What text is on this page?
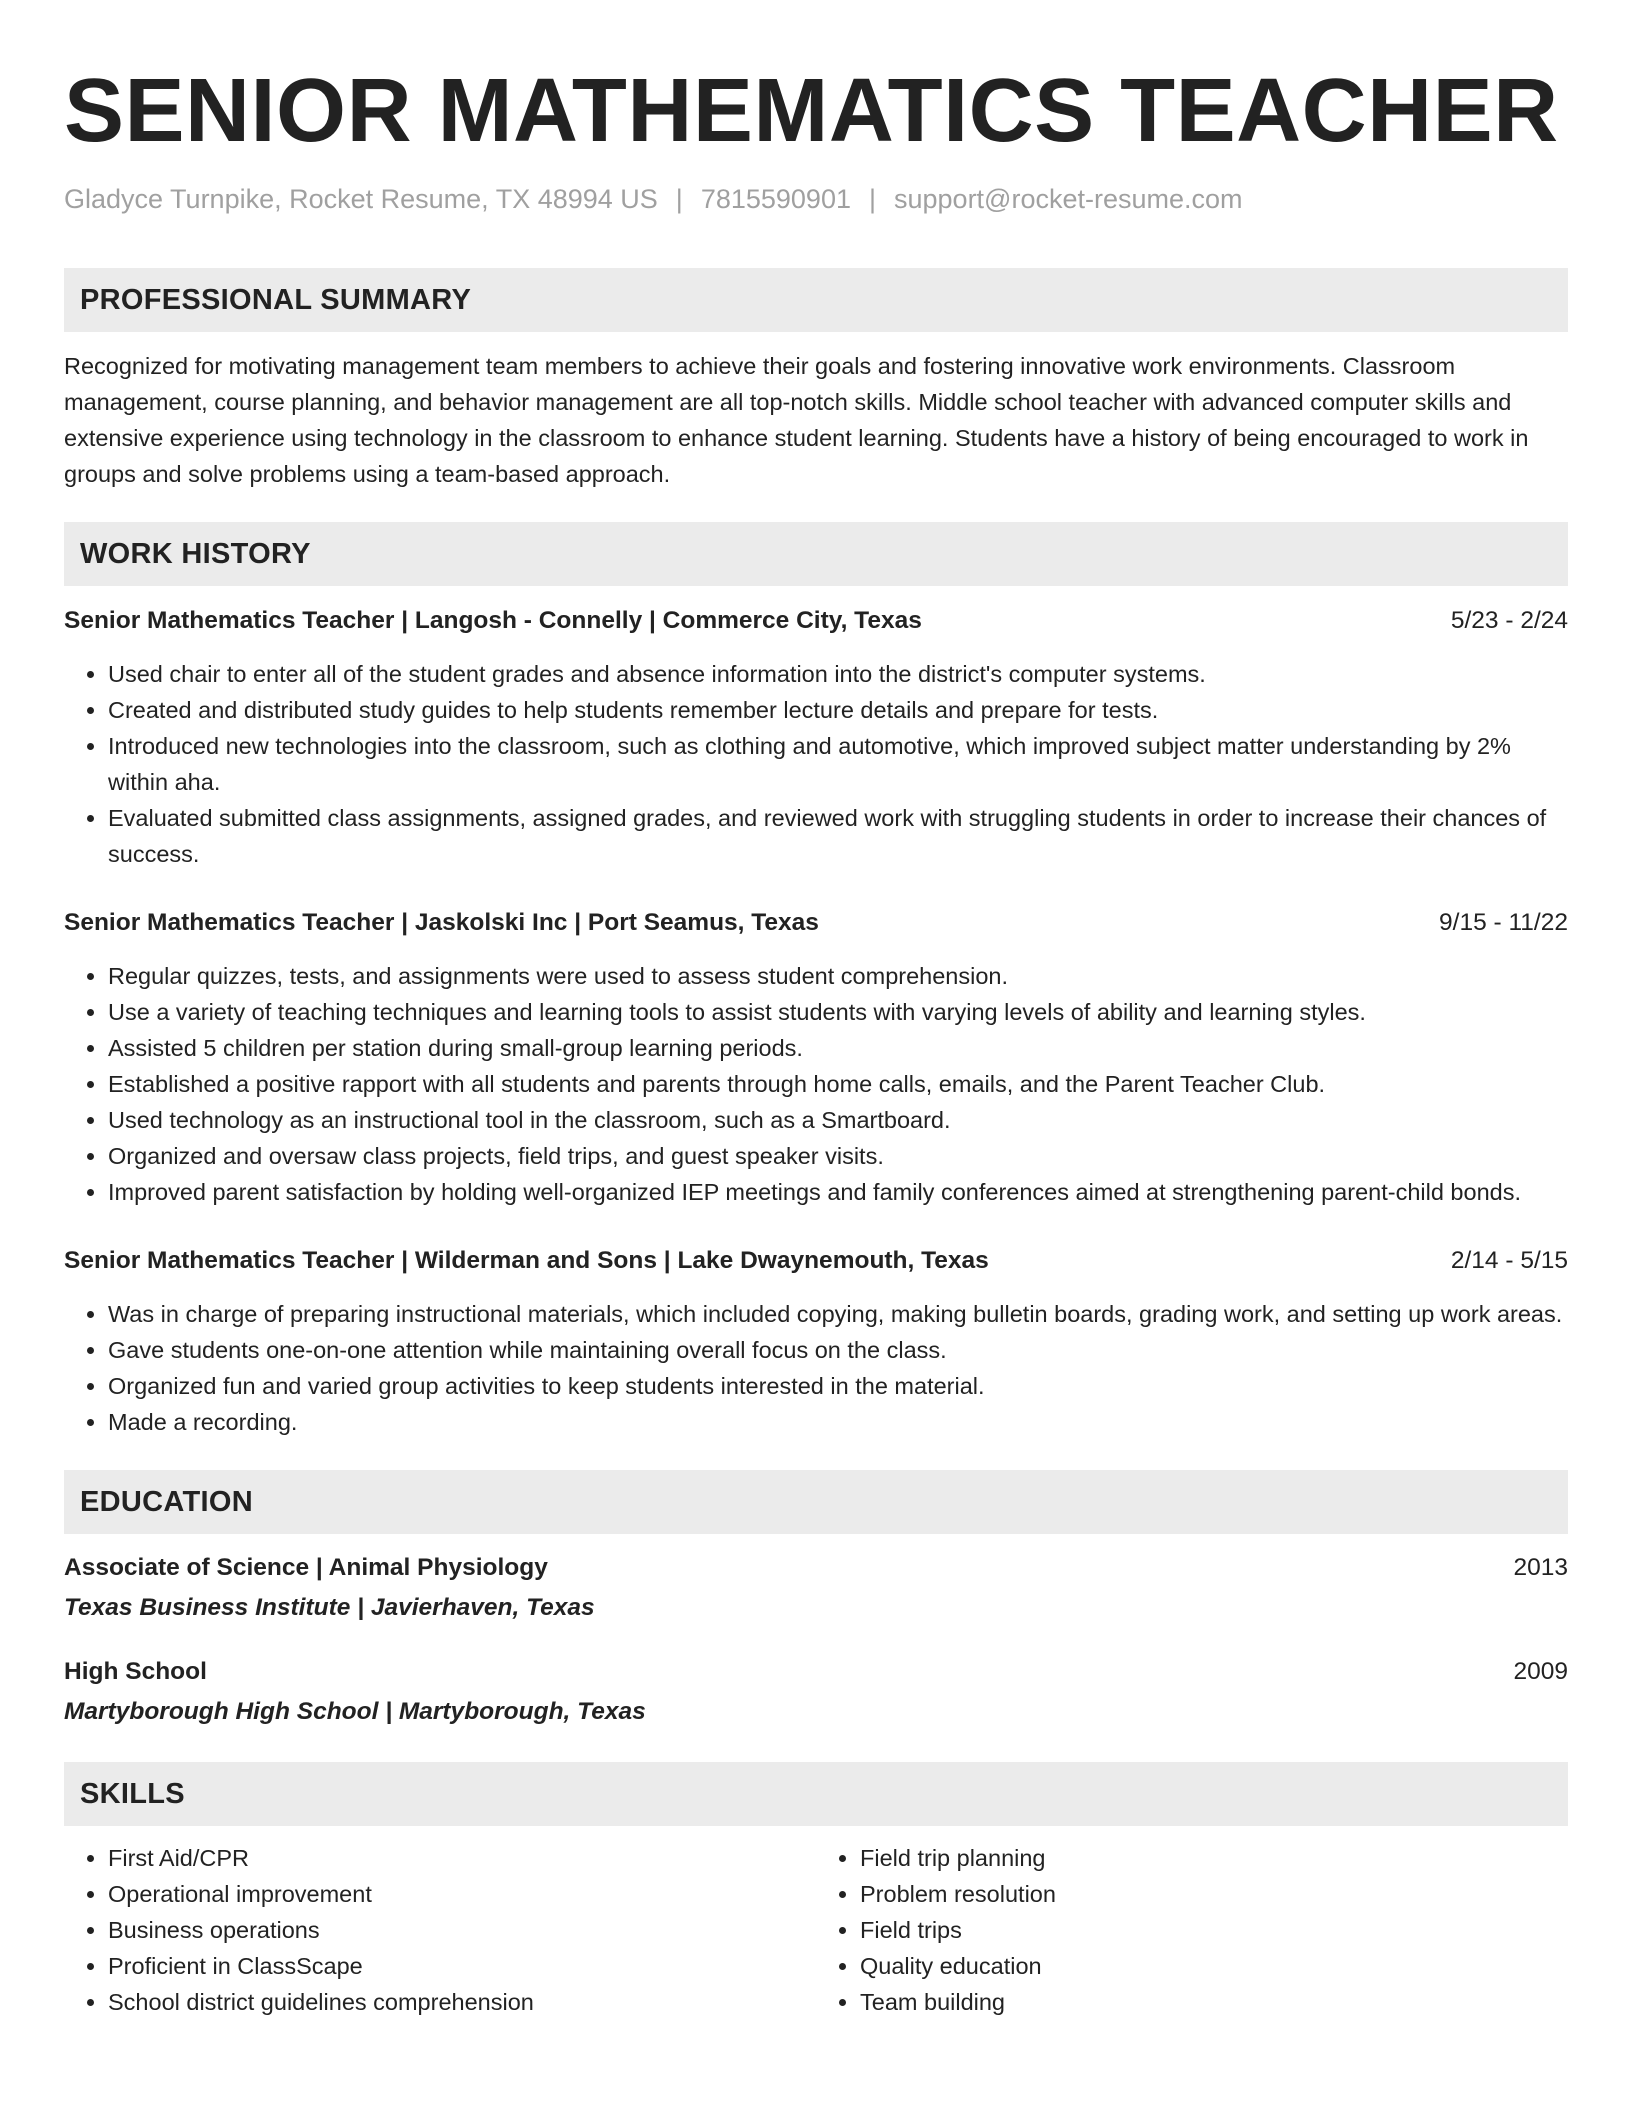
SENIOR MATHEMATICS TEACHER
Gladyce Turnpike, Rocket Resume, TX 48994 US | 7815590901 | support@rocket-resume.com
PROFESSIONAL SUMMARY
Recognized for motivating management team members to achieve their goals and fostering innovative work environments. Classroom management, course planning, and behavior management are all top-notch skills. Middle school teacher with advanced computer skills and extensive experience using technology in the classroom to enhance student learning. Students have a history of being encouraged to work in groups and solve problems using a team-based approach.
WORK HISTORY
Senior Mathematics Teacher | Langosh - Connelly | Commerce City, Texas	5/23 - 2/24
• Used chair to enter all of the student grades and absence information into the district's computer systems.
• Created and distributed study guides to help students remember lecture details and prepare for tests.
• Introduced new technologies into the classroom, such as clothing and automotive, which improved subject matter understanding by 2% within aha.
• Evaluated submitted class assignments, assigned grades, and reviewed work with struggling students in order to increase their chances of success.
Senior Mathematics Teacher | Jaskolski Inc | Port Seamus, Texas	9/15 - 11/22
• Regular quizzes, tests, and assignments were used to assess student comprehension.
• Use a variety of teaching techniques and learning tools to assist students with varying levels of ability and learning styles.
• Assisted 5 children per station during small-group learning periods.
• Established a positive rapport with all students and parents through home calls, emails, and the Parent Teacher Club.
• Used technology as an instructional tool in the classroom, such as a Smartboard.
• Organized and oversaw class projects, field trips, and guest speaker visits.
• Improved parent satisfaction by holding well-organized IEP meetings and family conferences aimed at strengthening parent-child bonds.
Senior Mathematics Teacher | Wilderman and Sons | Lake Dwaynemouth, Texas	2/14 - 5/15
• Was in charge of preparing instructional materials, which included copying, making bulletin boards, grading work, and setting up work areas.
• Gave students one-on-one attention while maintaining overall focus on the class.
• Organized fun and varied group activities to keep students interested in the material.
• Made a recording.
EDUCATION
Associate of Science | Animal Physiology	2013
Texas Business Institute | Javierhaven, Texas
High School	2009
Martyborough High School | Martyborough, Texas
SKILLS
• First Aid/CPR
• Operational improvement
• Business operations
• Proficient in ClassScape
• School district guidelines comprehension
• Field trip planning
• Problem resolution
• Field trips
• Quality education
• Team building
